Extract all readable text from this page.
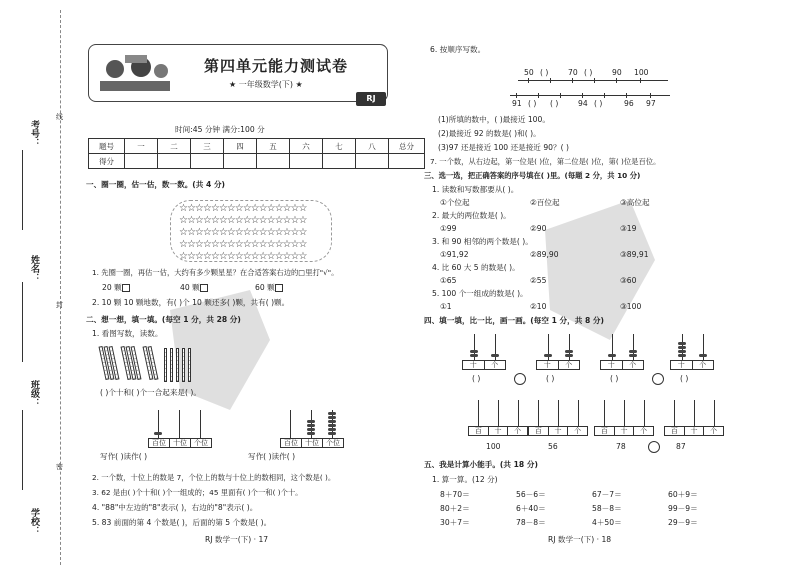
考号：
姓名：
班级：
学校：
线
封
密
第四单元能力测试卷
★ 一年级数学(下) ★
RJ
时间:45 分钟 满分:100 分
题号	一	二	三	四	五	六	七	八	总分
得分									
一、圈一圈，估一估，数一数。(共 4 分)
☆☆☆☆☆☆☆☆☆☆☆☆☆☆☆☆
☆☆☆☆☆☆☆☆☆☆☆☆☆☆☆☆
☆☆☆☆☆☆☆☆☆☆☆☆☆☆☆☆
☆☆☆☆☆☆☆☆☆☆☆☆☆☆☆☆
☆☆☆☆☆☆☆☆☆☆☆☆☆☆☆☆
1. 先圈一圈，再估一估，大约有多少颗星星？在合适答案右边的□里打"√"。
20 颗	40 颗	60 颗
2. 10 颗 10 颗地数，有( )个 10 颗还多( )颗，共有( )颗。
二、想一想，填一填。(每空 1 分，共 28 分)
1. 看图写数，读数。
( )个十和( )个一合起来是( )。
百位	十位	个位
写作( )读作( )
百位	十位	个位
写作( )读作( )
2. 一个数，十位上的数是 7，个位上的数与十位上的数相同，这个数是( )。
3. 62 是由( )个十和( )个一组成的；45 里面有( )个一和( )个十。
4. "88"中左边的"8"表示( )，右边的"8"表示( )。
5. 83 前面的第 4 个数是( )，后面的第 5 个数是( )。
RJ 数学一(下) · 17
6. 按顺序写数。
50 ( )	70 ( )	90 100
91 ( ) ( )	94 ( )	96 97
(1)所填的数中，( )最接近 100。
(2)最接近 92 的数是( )和( )。
(3)97 还是接近 100 还是接近 90？( )
7. 一个数，从右边起，第一位是( )位，第二位是( )位，第( )位是百位。
三、选一选，把正确答案的序号填在( )里。(每题 2 分，共 10 分)
1. 读数和写数都要从( )。
①个位起	②百位起	③高位起
2. 最大的两位数是( )。
①99	②90	③19
3. 和 90 相邻的两个数是( )。
①91,92	②89,90	③89,91
4. 比 60 大 5 的数是( )。
①65	②55	③60
5. 100 个一组成的数是( )。
①1	②10	③100
四、填一填，比一比，画一画。(每空 1 分，共 8 分)
十	个
( )
十	个
( )
十	个
( )
十	个
( )
百	十	个
100
百	十	个
56
百	十	个
78
百	十	个
87
五、我是计算小能手。(共 18 分)
1. 算一算。(12 分)
8＋70＝	56－6＝	67－7＝	60＋9＝
80＋2＝	6＋40＝	58－8＝	99－9＝
30＋7＝	78－8＝	4＋50＝	29－9＝
RJ 数学一(下) · 18
